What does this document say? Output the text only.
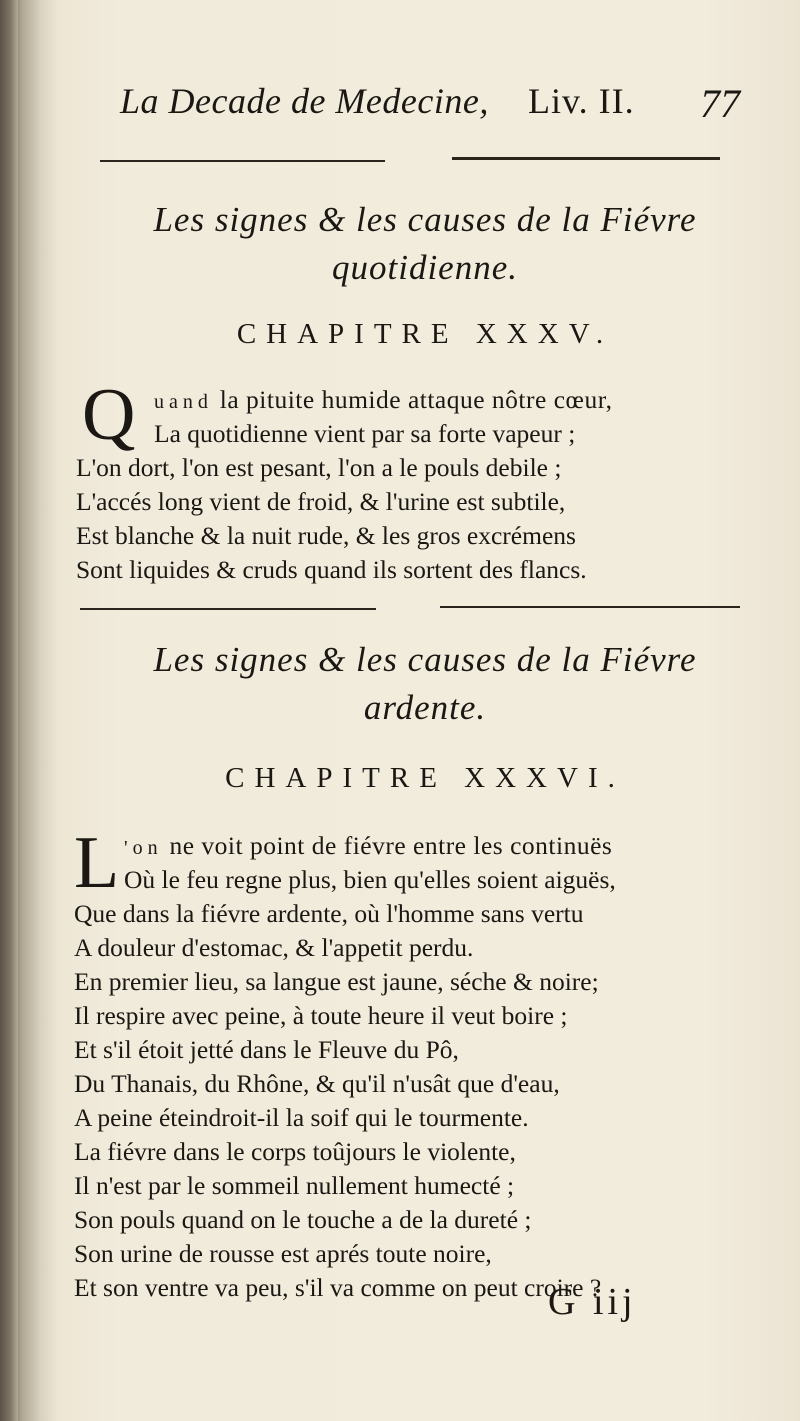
La Decade de Medecine, Liv. II. 77
Les signes & les causes de la Fiévre
quotidienne.
CHAPITRE XXXV.
Q uand la pituite humide attaque nôtre cœur,
La quotidienne vient par sa forte vapeur ;
L'on dort, l'on est pesant, l'on a le pouls debile ;
L'accés long vient de froid, & l'urine est subtile,
Est blanche & la nuit rude, & les gros excrémens
Sont liquides & cruds quand ils sortent des flancs.
Les signes & les causes de la Fiévre
ardente.
CHAPITRE XXXVI.
L 'on ne voit point de fiévre entre les continuës
Où le feu regne plus, bien qu'elles soient aiguës,
Que dans la fiévre ardente, où l'homme sans vertu
A douleur d'estomac, & l'appetit perdu.
En premier lieu, sa langue est jaune, séche & noire;
Il respire avec peine, à toute heure il veut boire ;
Et s'il étoit jetté dans le Fleuve du Pô,
Du Thanais, du Rhône, & qu'il n'usât que d'eau,
A peine éteindroit-il la soif qui le tourmente.
La fiévre dans le corps toûjours le violente,
Il n'est par le sommeil nullement humecté ;
Son pouls quand on le touche a de la dureté ;
Son urine de rousse est aprés toute noire,
Et son ventre va peu, s'il va comme on peut croire ?
G iij
